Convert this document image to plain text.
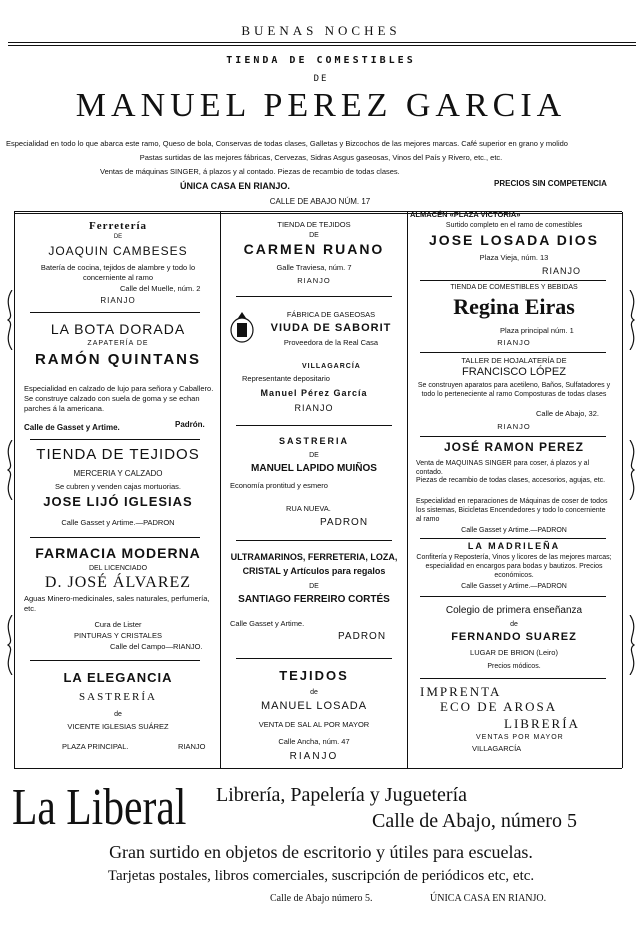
BUENAS NOCHES
TIENDA DE COMESTIBLES
DE
MANUEL PEREZ GARCIA
Especialidad en todo lo que abarca este ramo, Queso de bola, Conservas de todas clases, Galletas y Bizcochos de las mejores marcas. Café superior en grano y molido
Pastas surtidas de las mejores fábricas, Cervezas, Sidras Asgus gaseosas, Vinos del País y Rivero, etc., etc.
Ventas de máquinas SINGER, á plazos y al contado. Piezas de recambio de todas clases.
ÚNICA CASA EN RIANJO.	PRECIOS SIN COMPETENCIA
CALLE DE ABAJO NÚM. 17
Ferretería
DE
JOAQUIN CAMBESES
Batería de cocina, tejidos de alambre y todo lo concerniente al ramo
Calle del Muelle, núm. 2
RIANJO
LA BOTA DORADA
ZAPATERÍA DE
RAMÓN QUINTANS
Especialidad en calzado de lujo para señora y Caballero. Se construye calzado con suela de goma y se echan parches á la americana.
Calle de Gasset y Artime.	Padrón.
TIENDA DE TEJIDOS
MERCERIA Y CALZADO
Se cubren y venden cajas mortuorias.
JOSE LIJÓ IGLESIAS
Calle Gasset y Artime.—PADRON
FARMACIA MODERNA
DEL LICENCIADO
D. JOSÉ ÁLVAREZ
Aguas Minero-medicinales, sales naturales, perfumería, etc.
Cura de Lister
PINTURAS Y CRISTALES
Calle del Campo—RIANJO.
LA ELEGANCIA
SASTRERÍA
de
VICENTE IGLESIAS SUÁREZ
PLAZA PRINCIPAL.	RIANJO
TIENDA DE TEJIDOS
DE
CARMEN RUANO
Galle Traviesa, núm. 7
RIANJO
FÁBRICA DE GASEOSAS
VIUDA DE SABORIT
Proveedora de la Real Casa
VILLAGARCÍA
Representante depositario
Manuel Pérez García
RIANJO
SASTRERIA
DE
MANUEL LAPIDO MUIÑOS
Economía prontitud y esmero
RUA NUEVA.
PADRON
ULTRAMARINOS, FERRETERIA, LOZA, CRISTAL y Artículos para regalos
DE
SANTIAGO FERREIRO CORTÉS
Calle Gasset y Artime.
PADRON
TEJIDOS
de
MANUEL LOSADA
VENTA DE SAL AL POR MAYOR
Calle Ancha, núm. 47
RIANJO
ALMACÉN «PLAZA VICTORIA»
Surtido completo en el ramo de comestibles
JOSE LOSADA DIOS
Plaza Vieja, núm. 13
RIANJO
TIENDA DE COMESTIBLES Y BEBIDAS
Regina Eiras
Plaza principal núm. 1
RIANJO
TALLER DE HOJALATERÍA DE
FRANCISCO LÓPEZ
Se construyen aparatos para acetileno, Baños, Sulfatadores y todo lo perteneciente al ramo Composturas de todas clases
Calle de Abajo, 32.
RIANJO
JOSÉ RAMON PEREZ
Venta de MAQUINAS SINGER para coser, á plazos y al contado.
Piezas de recambio de todas clases, accesorios, agujas, etc.
Especialidad en reparaciones de Máquinas de coser de todos los sistemas, Bicicletas Encendedores y todo lo concerniente al ramo
Calle Gasset y Artime.—PADRON
LA MADRILEÑA
Confitería y Repostería, Vinos y licores de las mejores marcas; especialidad en encargos para bodas y bautizos. Precios económicos.
Calle Gasset y Artime.—PADRON
Colegio de primera enseñanza
de
FERNANDO SUAREZ
LUGAR DE BRION (Leiro)
Precios módicos.
IMPRENTA
ECO DE AROSA
LIBRERÍA
VENTAS POR MAYOR
VILLAGARCÍA
La Liberal Librería, Papelería y Juguetería
Calle de Abajo, número 5
Gran surtido en objetos de escritorio y útiles para escuelas.
Tarjetas postales, libros comerciales, suscripción de periódicos etc, etc.
Calle de Abajo número 5.	ÚNICA CASA EN RIANJO.
